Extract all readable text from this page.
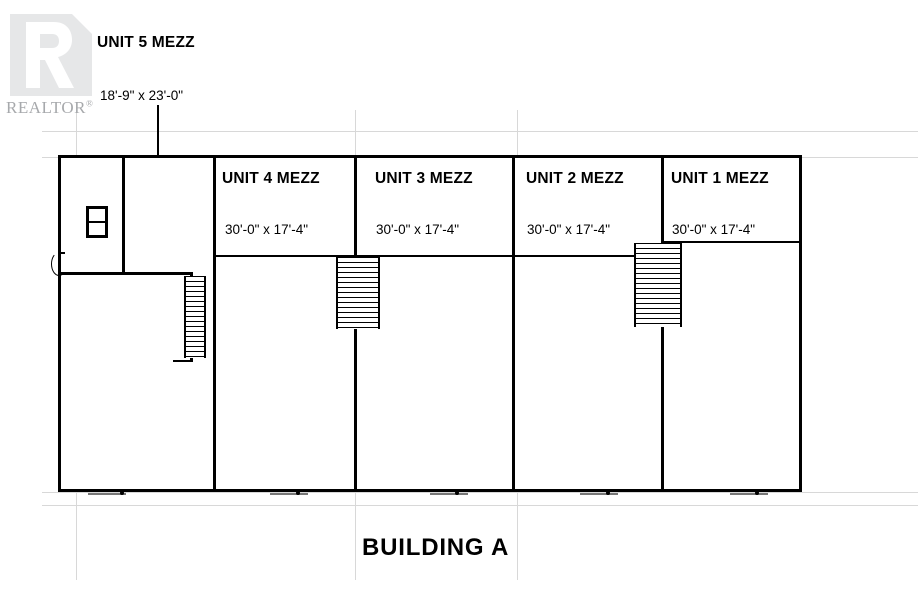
REALTOR®
UNIT 5 MEZZ
18'-9" x 23'-0"
UNIT 4 MEZZ
30'-0" x 17'-4"
UNIT 3 MEZZ
30'-0" x 17'-4"
UNIT 2 MEZZ
30'-0" x 17'-4"
UNIT 1 MEZZ
30'-0" x 17'-4"
BUILDING A
